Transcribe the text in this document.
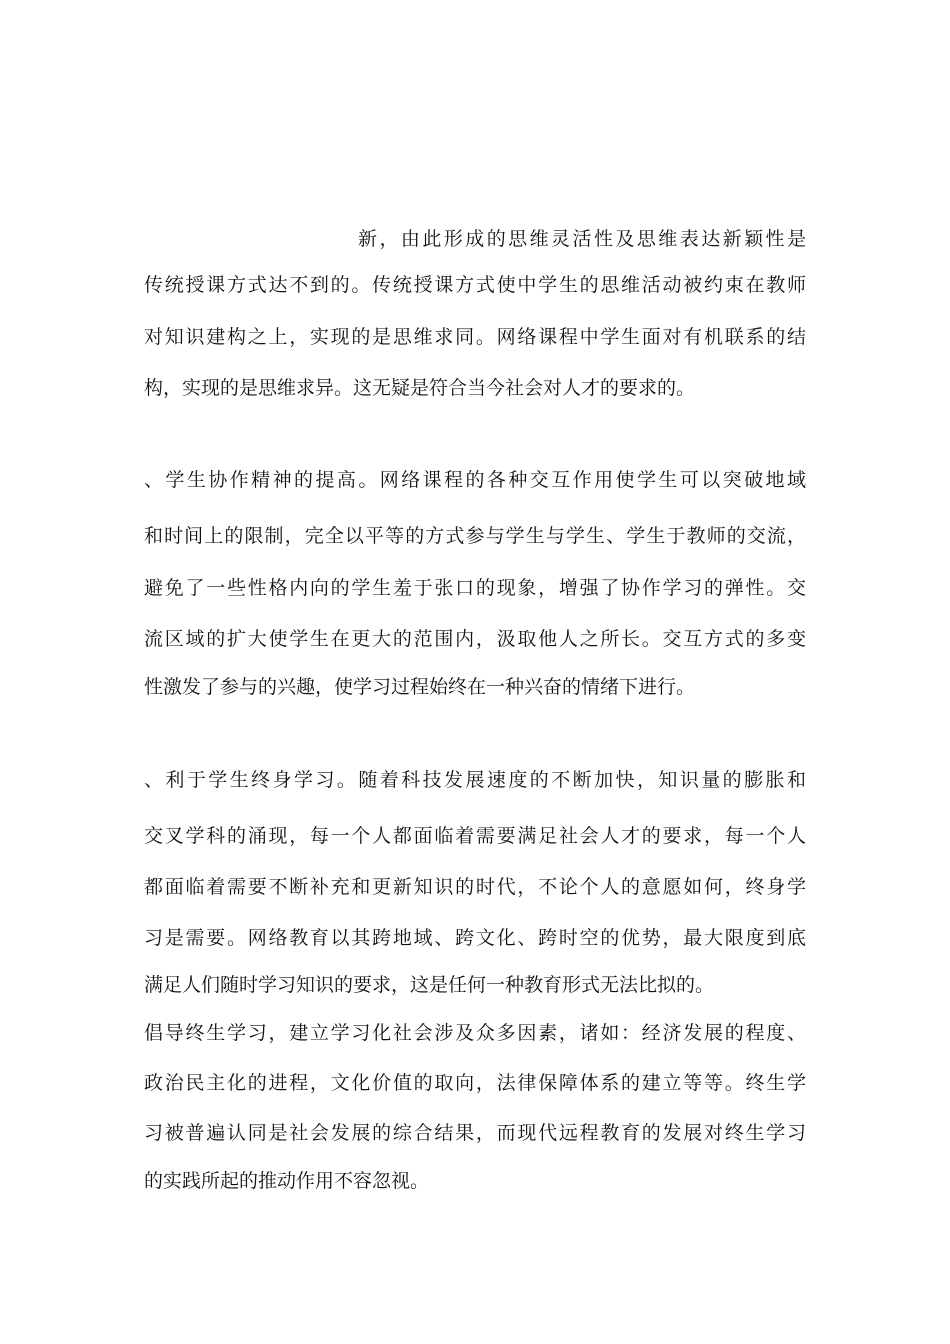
新，由此形成的思维灵活性及思维表达新颖性是
传统授课方式达不到的。传统授课方式使中学生的思维活动被约束在教师
对知识建构之上，实现的是思维求同。网络课程中学生面对有机联系的结
构，实现的是思维求异。这无疑是符合当今社会对人才的要求的。
、学生协作精神的提高。网络课程的各种交互作用使学生可以突破地域
和时间上的限制，完全以平等的方式参与学生与学生、学生于教师的交流，
避免了一些性格内向的学生羞于张口的现象，增强了协作学习的弹性。交
流区域的扩大使学生在更大的范围内，汲取他人之所长。交互方式的多变
性激发了参与的兴趣，使学习过程始终在一种兴奋的情绪下进行。
、利于学生终身学习。随着科技发展速度的不断加快，知识量的膨胀和
交叉学科的涌现，每一个人都面临着需要满足社会人才的要求，每一个人
都面临着需要不断补充和更新知识的时代，不论个人的意愿如何，终身学
习是需要。网络教育以其跨地域、跨文化、跨时空的优势，最大限度到底
满足人们随时学习知识的要求，这是任何一种教育形式无法比拟的。
倡导终生学习，建立学习化社会涉及众多因素，诸如：经济发展的程度、
政治民主化的进程，文化价值的取向，法律保障体系的建立等等。终生学
习被普遍认同是社会发展的综合结果，而现代远程教育的发展对终生学习
的实践所起的推动作用不容忽视。
